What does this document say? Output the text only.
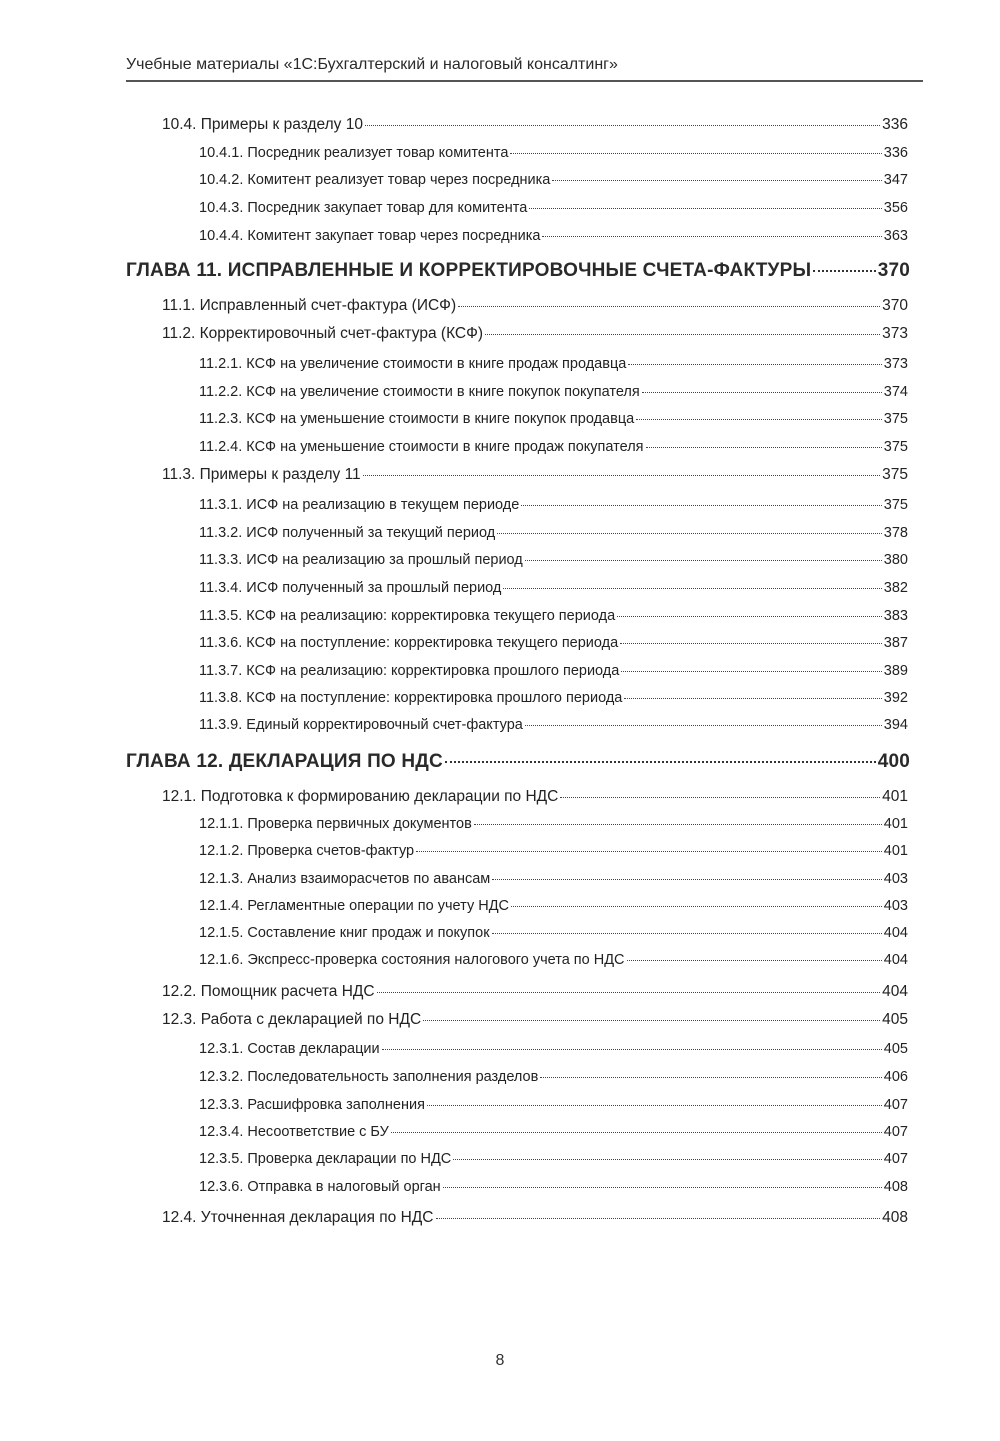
Учебные материалы «1С:Бухгалтерский и налоговый консалтинг»
10.4. Примеры к разделу 10	336
10.4.1. Посредник реализует товар комитента	336
10.4.2. Комитент реализует товар через посредника	347
10.4.3. Посредник закупает товар для комитента	356
10.4.4. Комитент закупает товар через посредника	363
ГЛАВА 11. ИСПРАВЛЕННЫЕ И КОРРЕКТИРОВОЧНЫЕ СЧЕТА-ФАКТУРЫ	370
11.1. Исправленный счет-фактура (ИСФ)	370
11.2. Корректировочный счет-фактура (КСФ)	373
11.2.1. КСФ на увеличение стоимости в книге продаж продавца	373
11.2.2. КСФ на увеличение стоимости в книге покупок покупателя	374
11.2.3. КСФ на уменьшение стоимости в книге покупок продавца	375
11.2.4. КСФ на уменьшение стоимости в книге продаж покупателя	375
11.3. Примеры к разделу 11	375
11.3.1. ИСФ на реализацию в текущем периоде	375
11.3.2. ИСФ полученный за текущий период	378
11.3.3. ИСФ на реализацию за прошлый период	380
11.3.4. ИСФ полученный за прошлый период	382
11.3.5. КСФ на реализацию: корректировка текущего периода	383
11.3.6. КСФ на поступление: корректировка текущего периода	387
11.3.7. КСФ на реализацию: корректировка прошлого периода	389
11.3.8. КСФ на поступление: корректировка прошлого периода	392
11.3.9. Единый корректировочный счет-фактура	394
ГЛАВА 12. ДЕКЛАРАЦИЯ ПО НДС	400
12.1. Подготовка к формированию декларации по НДС	401
12.1.1. Проверка первичных документов	401
12.1.2. Проверка счетов-фактур	401
12.1.3. Анализ взаиморасчетов по авансам	403
12.1.4. Регламентные операции по учету НДС	403
12.1.5. Составление книг продаж и покупок	404
12.1.6. Экспресс-проверка состояния налогового учета по НДС	404
12.2. Помощник расчета НДС	404
12.3. Работа с декларацией по НДС	405
12.3.1. Состав декларации	405
12.3.2. Последовательность заполнения разделов	406
12.3.3. Расшифровка заполнения	407
12.3.4. Несоответствие с БУ	407
12.3.5. Проверка декларации по НДС	407
12.3.6. Отправка в налоговый орган	408
12.4. Уточненная декларация по НДС	408
8
